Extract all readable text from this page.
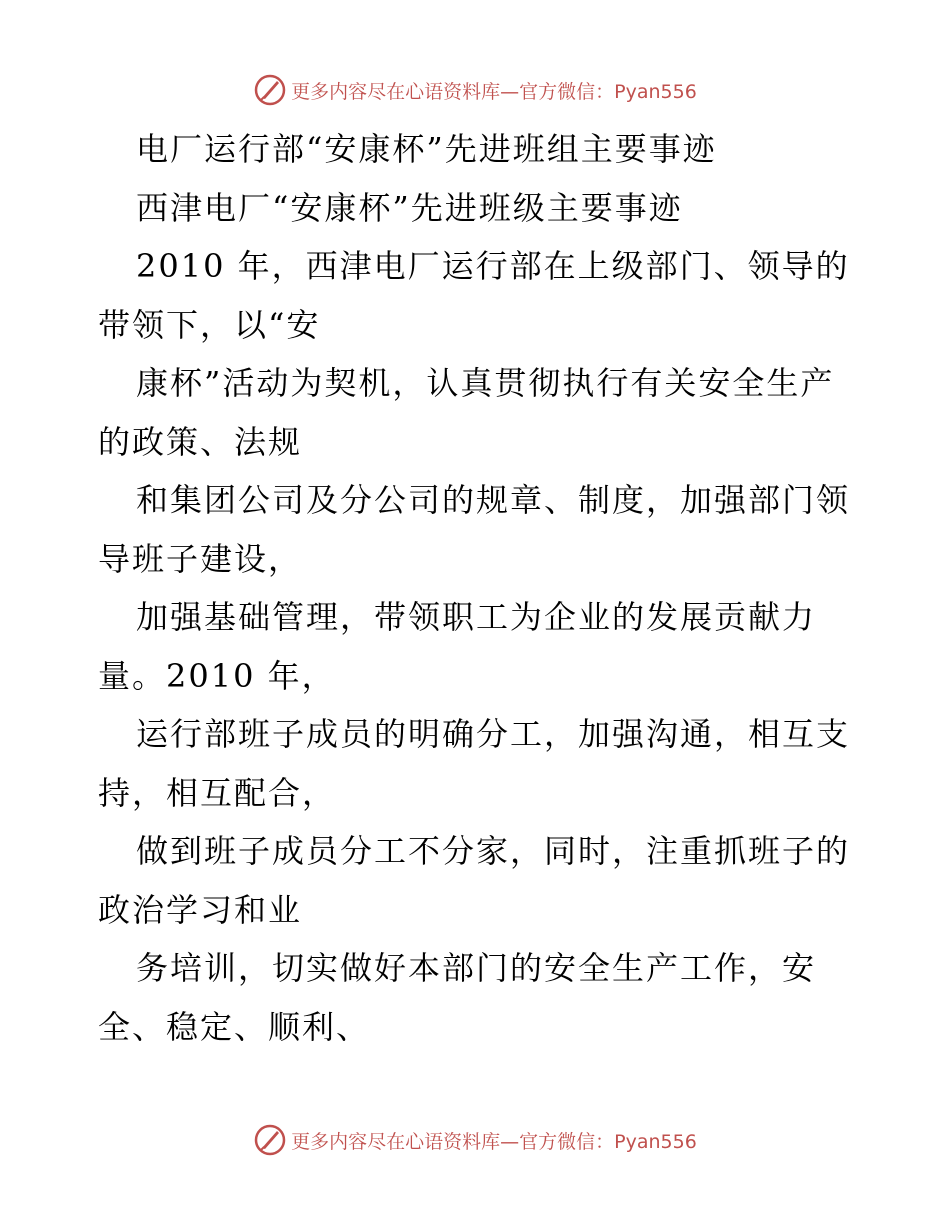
更多内容尽在心语资料库—官方微信：Pyan556
电厂运行部“安康杯”先进班组主要事迹
西津电厂“安康杯”先进班级主要事迹
2010 年，西津电厂运行部在上级部门、领导的
带领下，以“安
康杯”活动为契机，认真贯彻执行有关安全生产
的政策、法规
和集团公司及分公司的规章、制度，加强部门领
导班子建设，
加强基础管理，带领职工为企业的发展贡献力
量。2010 年，
运行部班子成员的明确分工，加强沟通，相互支
持，相互配合，
做到班子成员分工不分家，同时，注重抓班子的
政治学习和业
务培训，切实做好本部门的安全生产工作，安
全、稳定、顺利、
更多内容尽在心语资料库—官方微信：Pyan556
